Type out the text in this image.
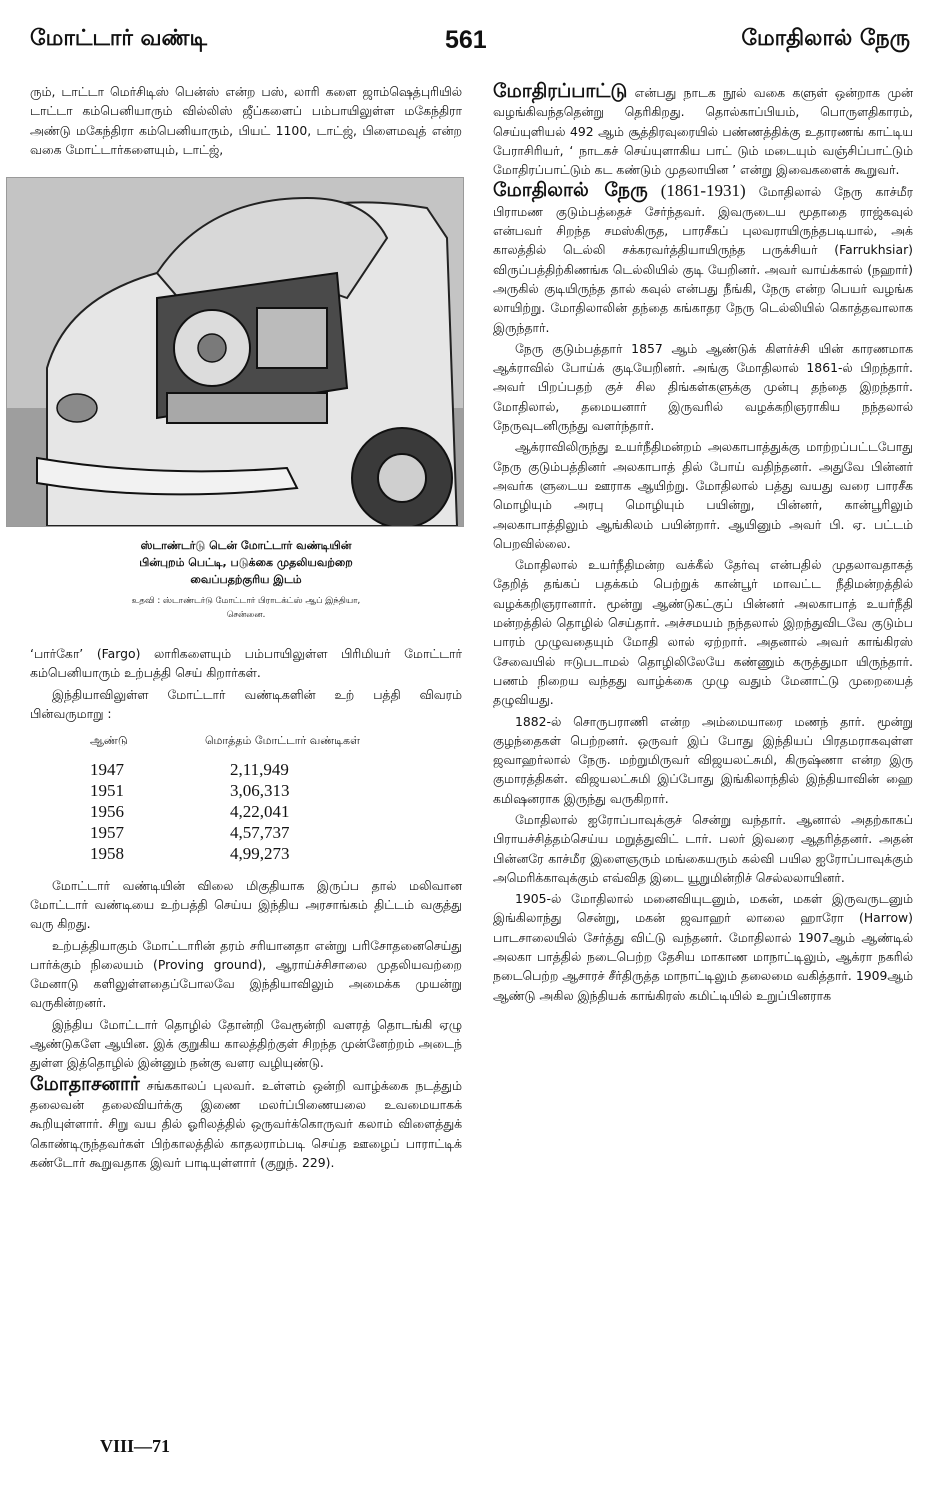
மோட்டார் வண்டி	561	மோதிலால் நேரு

ரும், டாட்டா மெர்சிடிஸ் பென்ஸ் என்ற பஸ், லாரி களை ஜாம்ஷெத்புரியில் டாட்டா கம்பெனியாரும் வில்லிஸ் ஜீப்களைப் பம்பாயிலுள்ள மகேந்திரா அண்டு மகேந்திரா கம்பெனியாரும், பியட் 1100, டாட்ஜ், பிளைமவுத் என்ற வகை மோட்டார்களையும், டாட்ஜ்,

ஸ்டாண்டர்டு டென் மோட்டார் வண்டியின்
பின்புறம் பெட்டி, படுக்கை முதலியவற்றை
வைப்பதற்குரிய இடம்
உதவி : ஸ்டாண்டர்டு மோட்டார் பிராடக்ட்ஸ் ஆப் இந்தியா,
சென்னை.

‘பார்கோ’ (Fargo) லாரிகளையும் பம்பாயிலுள்ள பிரிமியர் மோட்டார் கம்பெனியாரும் உற்பத்தி செய் கிறார்கள்.

இந்தியாவிலுள்ள மோட்டார் வண்டிகளின் உற் பத்தி விவரம் பின்வருமாறு :

ஆண்டு	மொத்தம் மோட்டார் வண்டிகள்
1947	2,11,949
1951	3,06,313
1956	4,22,041
1957	4,57,737
1958	4,99,273

மோட்டார் வண்டியின் விலை மிகுதியாக இருப்ப தால் மலிவான மோட்டார் வண்டியை உற்பத்தி செய்ய இந்திய அரசாங்கம் திட்டம் வகுத்து வரு கிறது.

உற்பத்தியாகும் மோட்டாரின் தரம் சரியானதா என்று பரிசோதனைசெய்து பார்க்கும் நிலையம் (Proving ground), ஆராய்ச்சிசாலை முதலியவற்றை மேனாடு களிலுள்ளதைப்போலவே இந்தியாவிலும் அமைக்க முயன்று வருகின்றனர்.

இந்திய மோட்டார் தொழில் தோன்றி வேரூன்றி வளரத் தொடங்கி ஏழு ஆண்டுகளே ஆயின. இக் குறுகிய காலத்திற்குள் சிறந்த முன்னேற்றம் அடைந் துள்ள இத்தொழில் இன்னும் நன்கு வளர வழியுண்டு.

மோதாசனார் சங்ககாலப் புலவர். உள்ளம் ஒன்றி வாழ்க்கை நடத்தும் தலைவன் தலைவியர்க்கு இணை மலர்ப்பிணையலை உவமையாகக் கூறியுள்ளார். சிறு வய தில் ஓரிலத்தில் ஒருவர்க்கொருவர் கலாம் விளைத்துக் கொண்டிருந்தவர்கள் பிற்காலத்தில் காதலராம்படி செய்த ஊழைப் பாராட்டிக் கண்டோர் கூறுவதாக இவர் பாடியுள்ளார் (குறுந். 229).

மோதிரப்பாட்டு என்பது நாடக நூல் வகை களுள் ஒன்றாக முன் வழங்கிவந்ததென்று தெரிகிறது. தொல்காப்பியம், பொருளதிகாரம், செய்யுளியல் 492 ஆம் சூத்திரவுரையில் பண்ணத்திக்கு உதாரணங் காட்டிய பேராசிரியர், ‘ நாடகச் செய்யுளாகிய பாட் டும் மடையும் வஞ்சிப்பாட்டும் மோதிரப்பாட்டும் கட கண்டும் முதலாயின ’ என்று இவைகளைக் கூறுவர்.

மோதிலால் நேரு (1861-1931) மோதிலால் நேரு காச்மீர பிராமண குடும்பத்தைச் சேர்ந்தவர். இவருடைய மூதாதை ராஜ்கவுல் என்பவர் சிறந்த சமஸ்கிருத, பாரசீகப் புலவராயிருந்தபடியால், அக் காலத்தில் டெல்லி சக்கரவர்த்தியாயிருந்த பருக்சியர் (Farrukhsiar) விருப்பத்திற்கிணங்க டெல்லியில் குடி யேறினர். அவர் வாய்க்கால் (நஹார்) அருகில் குடியிருந்த தால் கவுல் என்பது நீங்கி, நேரு என்ற பெயர் வழங்க லாயிற்று. மோதிலாலின் தந்தை கங்காதர நேரு டெல்லியில் கொத்தவாலாக இருந்தார்.

நேரு குடும்பத்தார் 1857 ஆம் ஆண்டுக் கிளர்ச்சி யின் காரணமாக ஆக்ராவில் போய்க் குடியேறினர். அங்கு மோதிலால் 1861-ல் பிறந்தார். அவர் பிறப்பதற் குச் சில திங்கள்களுக்கு முன்பு தந்தை இறந்தார். மோதிலால், தமையனார் இருவரில் வழக்கறிஞராகிய நந்தலால் நேருவுடனிருந்து வளர்ந்தார்.

ஆக்ராவிலிருந்து உயர்நீதிமன்றம் அலகாபாத்துக்கு மாற்றப்பட்டபோது நேரு குடும்பத்தினர் அலகாபாத் தில் போய் வதிந்தனர். அதுவே பின்னர் அவர்க ளுடைய ஊராக ஆயிற்று. மோதிலால் பத்து வயது வரை பாரசீக மொழியும் அரபு மொழியும் பயின்று, பின்னர், கான்பூரிலும் அலகாபாத்திலும் ஆங்கிலம் பயின்றார். ஆயினும் அவர் பி. ஏ. பட்டம் பெறவில்லை.

மோதிலால் உயர்நீதிமன்ற வக்கீல் தேர்வு என்பதில் முதலாவதாகத் தேறித் தங்கப் பதக்கம் பெற்றுக் கான்பூர் மாவட்ட நீதிமன்றத்தில் வழக்கறிஞரானார். மூன்று ஆண்டுகட்குப் பின்னர் அலகாபாத் உயர்நீதி மன்றத்தில் தொழில் செய்தார். அச்சமயம் நந்தலால் இறந்துவிடவே குடும்ப பாரம் முழுவதையும் மோதி லால் ஏற்றார். அதனால் அவர் காங்கிரஸ் சேவையில் ஈடுபடாமல் தொழிலிலேயே கண்ணும் கருத்துமா யிருந்தார். பணம் நிறைய வந்தது வாழ்க்கை முழு வதும் மேனாட்டு முறையைத் தழுவியது.

1882-ல் சொருபராணி என்ற அம்மையாரை மணந் தார். மூன்று குழந்தைகள் பெற்றனர். ஒருவர் இப் போது இந்தியப் பிரதமராகவுள்ள ஜவாஹர்லால் நேரு. மற்றுமிருவர் விஜயலட்சுமி, கிருஷ்ணா என்ற இரு குமாரத்திகள். விஜயலட்சுமி இப்போது இங்கிலாந்தில் இந்தியாவின் ஹை கமிஷனராக இருந்து வருகிறார்.

மோதிலால் ஐரோப்பாவுக்குச் சென்று வந்தார். ஆனால் அதற்காகப் பிராயச்சித்தம்செய்ய மறுத்துவிட் டார். பலர் இவரை ஆதரித்தனர். அதன் பின்னரே காச்மீர இளைஞரும் மங்கையரும் கல்வி பயில ஐரோப்பாவுக்கும் அமெரிக்காவுக்கும் எவ்வித இடை யூறுமின்றிச் செல்லலாயினர்.

1905-ல் மோதிலால் மனைவியுடனும், மகன், மகள் இருவருடனும் இங்கிலாந்து சென்று, மகன் ஜவாஹர் லாலை ஹாரோ (Harrow) பாடசாலையில் சேர்த்து விட்டு வந்தனர். மோதிலால் 1907ஆம் ஆண்டில் அலகா பாத்தில் நடைபெற்ற தேசிய மாகாண மாநாட்டிலும், ஆக்ரா நகரில் நடைபெற்ற ஆசாரச் சீர்திருத்த மாநாட்டிலும் தலைமை வகித்தார். 1909ஆம் ஆண்டு அகில இந்தியக் காங்கிரஸ் கமிட்டியில் உறுப்பினராக

VIII—71
